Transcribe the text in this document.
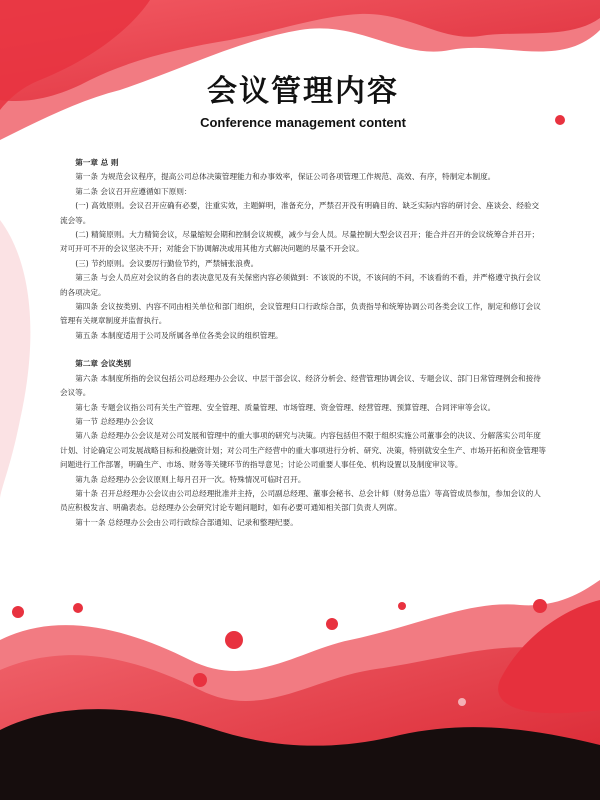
会议管理内容
Conference management content

第一章 总 则

第一条 为规范会议程序，提高公司总体决策管理能力和办事效率，保证公司各项管理工作规范、高效、有序，特制定本制度。

第二条 会议召开应遵循如下原则：

(一) 高效原则。会议召开应确有必要，注重实效，主题鲜明，准备充分，严禁召开没有明确目的、缺乏实际内容的研讨会、座谈会、经验交流会等。

(二) 精简原则。大力精简会议，尽量缩短会期和控制会议规模，减少与会人员。尽量控制大型会议召开；能合并召开的会议统筹合并召开；对可开可不开的会议坚决不开；对能会下协调解决或用其他方式解决问题的尽量不开会议。

(三) 节约原则。会议要厉行勤俭节约，严禁铺张浪费。

第三条 与会人员应对会议的各自的表决意见及有关保密内容必须做到：不该说的不说，不该问的不问，不该看的不看，并严格遵守执行会议的各项决定。

第四条 会议按类别、内容不同由相关单位和部门组织，会议管理归口行政综合部，负责指导和统筹协调公司各类会议工作，制定和修订会议管理有关规章制度并监督执行。

第五条 本制度适用于公司及所属各单位各类会议的组织管理。

第二章 会议类别

第六条 本制度所指的会议包括公司总经理办公会议、中层干部会议、经济分析会、经营管理协调会议、专题会议、部门日常管理例会和接待会议等。

第七条 专题会议指公司有关生产管理、安全管理、质量管理、市场管理、资金管理、经营管理、预算管理、合同评审等会议。

第一节 总经理办公会议

第八条 总经理办公会议是对公司发展和管理中的重大事项的研究与决策。内容包括但不限于组织实施公司董事会的决议、分解落实公司年度计划、讨论确定公司发展战略目标和投融资计划；对公司生产经营中的重大事项进行分析、研究、决策，特别就安全生产、市场开拓和资金管理等问题进行工作部署，明确生产、市场、财务等关键环节的指导意见；讨论公司重要人事任免、机构设置以及制度审议等。

第九条 总经理办公会议原则上每月召开一次。特殊情况可临时召开。

第十条 召开总经理办公会议由公司总经理批准并主持，公司副总经理、董事会秘书、总会计师（财务总监）等高管成员参加，参加会议的人员应积极发言、明确表态。总经理办公会研究讨论专题问题时，如有必要可通知相关部门负责人列席。

第十一条 总经理办公会由公司行政综合部通知、记录和整理纪要。
